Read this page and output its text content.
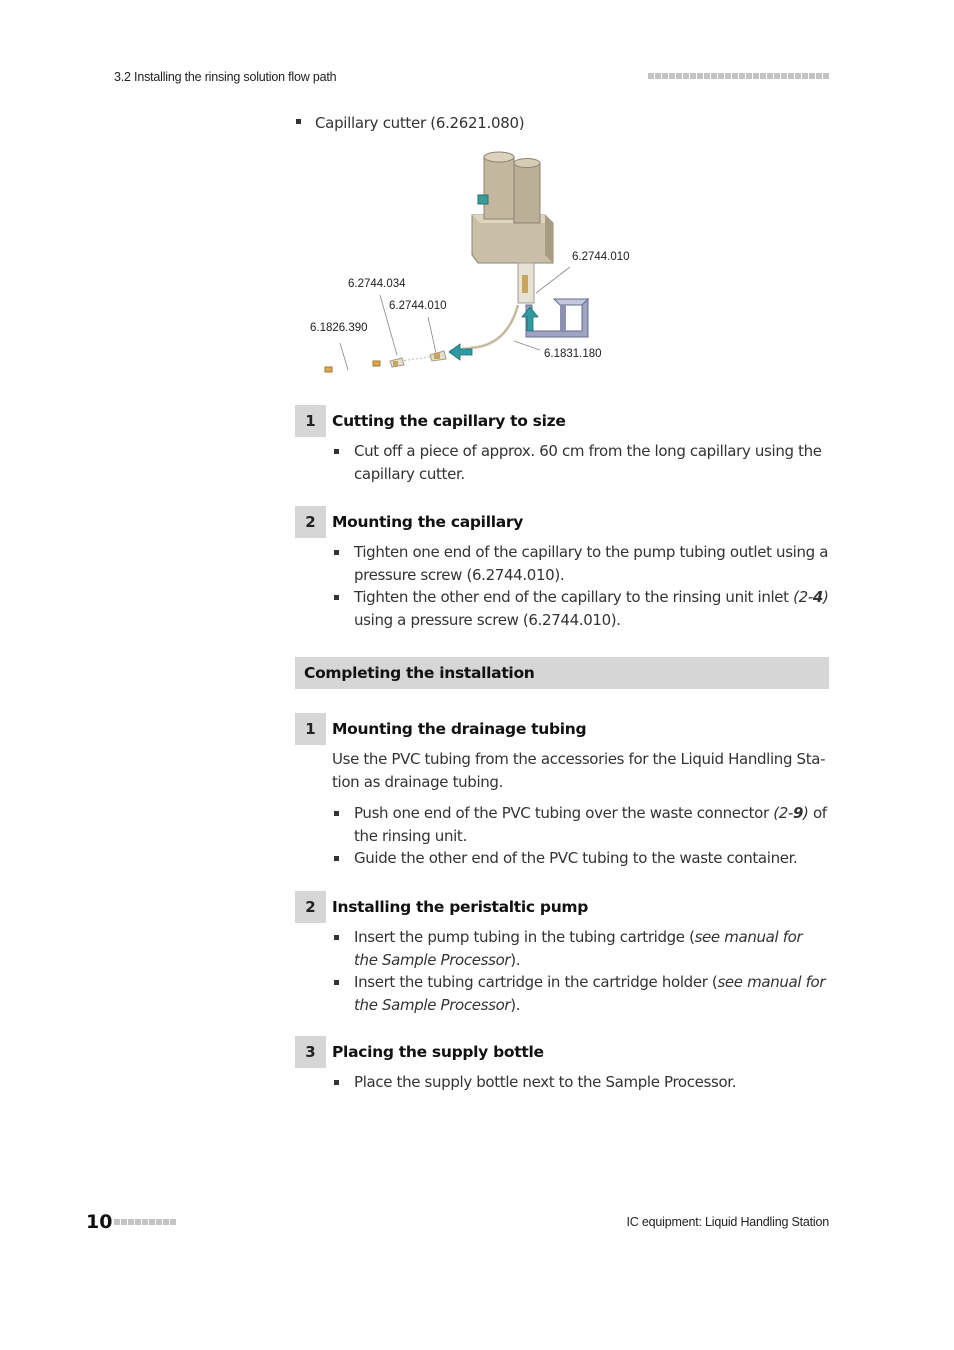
3.2 Installing the rinsing solution flow path
Capillary cutter (6.2621.080)
6.2744.010
6.2744.034
6.2744.010
6.1826.390
6.1831.180
1	Cutting the capillary to size
Cut off a piece of approx. 60 cm from the long capillary using the capillary cutter.
2	Mounting the capillary
Tighten one end of the capillary to the pump tubing outlet using a pressure screw (6.2744.010).
Tighten the other end of the capillary to the rinsing unit inlet (2-4) using a pressure screw (6.2744.010).
Completing the installation
1	Mounting the drainage tubing

Use the PVC tubing from the accessories for the Liquid Handling Sta- tion as drainage tubing.

Push one end of the PVC tubing over the waste connector (2-9) of the rinsing unit.
Guide the other end of the PVC tubing to the waste container.
2	Installing the peristaltic pump
Insert the pump tubing in the tubing cartridge (see manual for the Sample Processor).
Insert the tubing cartridge in the cartridge holder (see manual for the Sample Processor).
3	Placing the supply bottle
Place the supply bottle next to the Sample Processor.
10	IC equipment: Liquid Handling Station
